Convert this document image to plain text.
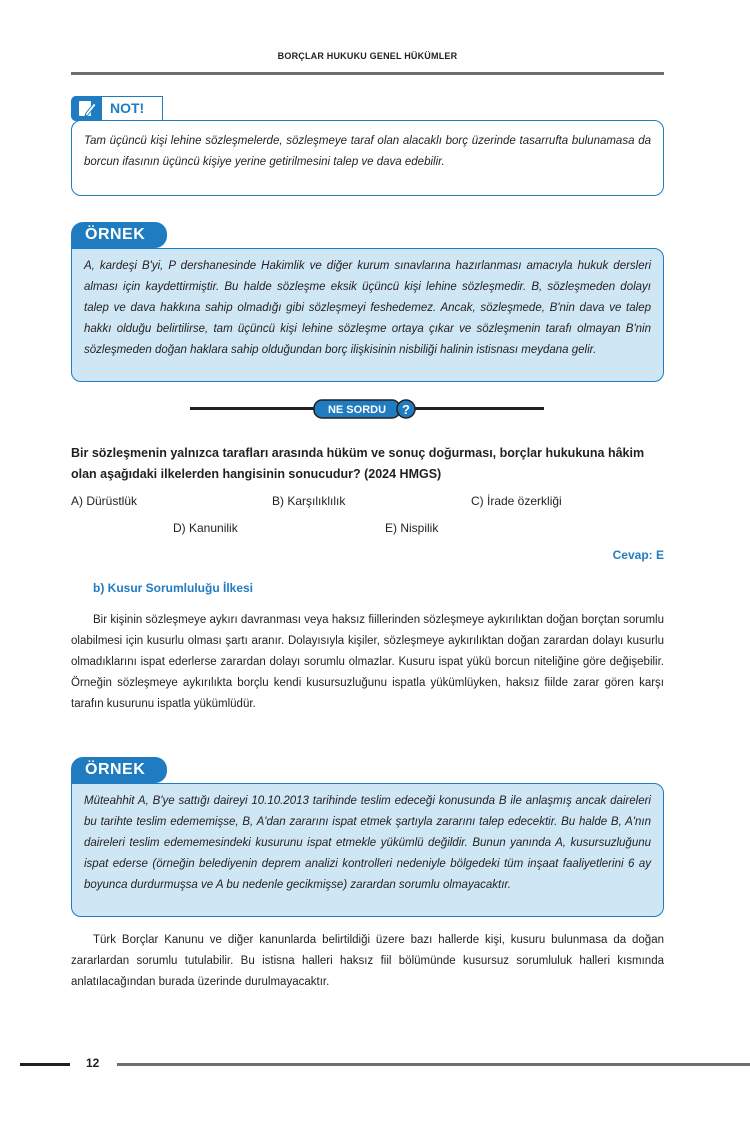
BORÇLAR HUKUKU GENEL HÜKÜMLER
NOT!
Tam üçüncü kişi lehine sözleşmelerde, sözleşmeye taraf olan alacaklı borç üzerinde tasarrufta bulunamasa da borcun ifasının üçüncü kişiye yerine getirilmesini talep ve dava edebilir.
ÖRNEK
A, kardeşi B'yi, P dershanesinde Hakimlik ve diğer kurum sınavlarına hazırlanması amacıyla hukuk dersleri alması için kaydettirmiştir. Bu halde sözleşme eksik üçüncü kişi lehine sözleşmedir. B, sözleşmeden dolayı talep ve dava hakkına sahip olmadığı gibi sözleşmeyi feshedemez. Ancak, sözleşmede, B'nin dava ve talep hakkı olduğu belirtilirse, tam üçüncü kişi lehine sözleşme ortaya çıkar ve sözleşmenin tarafı olmayan B'nin sözleşmeden doğan haklara sahip olduğundan borç ilişkisinin nisbiliği halinin istisnası meydana gelir.
NE SORDU ?
Bir sözleşmenin yalnızca tarafları arasında hüküm ve sonuç doğurması, borçlar hukukuna hâkim olan aşağıdaki ilkelerden hangisinin sonucudur? (2024 HMGS)
A) Dürüstlük	B) Karşılıklılık	C) İrade özerkliği
D) Kanunilik	E) Nispilik
Cevap: E
b) Kusur Sorumluluğu İlkesi
Bir kişinin sözleşmeye aykırı davranması veya haksız fiillerinden sözleşmeye aykırılıktan doğan borçtan sorumlu olabilmesi için kusurlu olması şartı aranır. Dolayısıyla kişiler, sözleşmeye aykırılıktan doğan zarardan dolayı kusurlu olmadıklarını ispat ederlerse zarardan dolayı sorumlu olmazlar. Kusuru ispat yükü borcun niteliğine göre değişebilir. Örneğin sözleşmeye aykırılıkta borçlu kendi kusursuzluğunu ispatla yükümlüyken, haksız fiilde zarar gören karşı tarafın kusurunu ispatla yükümlüdür.
ÖRNEK
Müteahhit A, B'ye sattığı daireyi 10.10.2013 tarihinde teslim edeceği konusunda B ile anlaşmış ancak daireleri bu tarihte teslim edememişse, B, A'dan zararını ispat etmek şartıyla zararını talep edecektir. Bu halde B, A'nın daireleri teslim edememesindeki kusurunu ispat etmekle yükümlü değildir. Bunun yanında A, kusursuzluğunu ispat ederse (örneğin belediyenin deprem analizi kontrolleri nedeniyle bölgedeki tüm inşaat faaliyetlerini 6 ay boyunca durdurmuşsa ve A bu nedenle gecikmişse) zarardan sorumlu olmayacaktır.
Türk Borçlar Kanunu ve diğer kanunlarda belirtildiği üzere bazı hallerde kişi, kusuru bulunmasa da doğan zararlardan sorumlu tutulabilir. Bu istisna halleri haksız fiil bölümünde kusursuz sorumluluk halleri kısmında anlatılacağından burada üzerinde durulmayacaktır.
12
